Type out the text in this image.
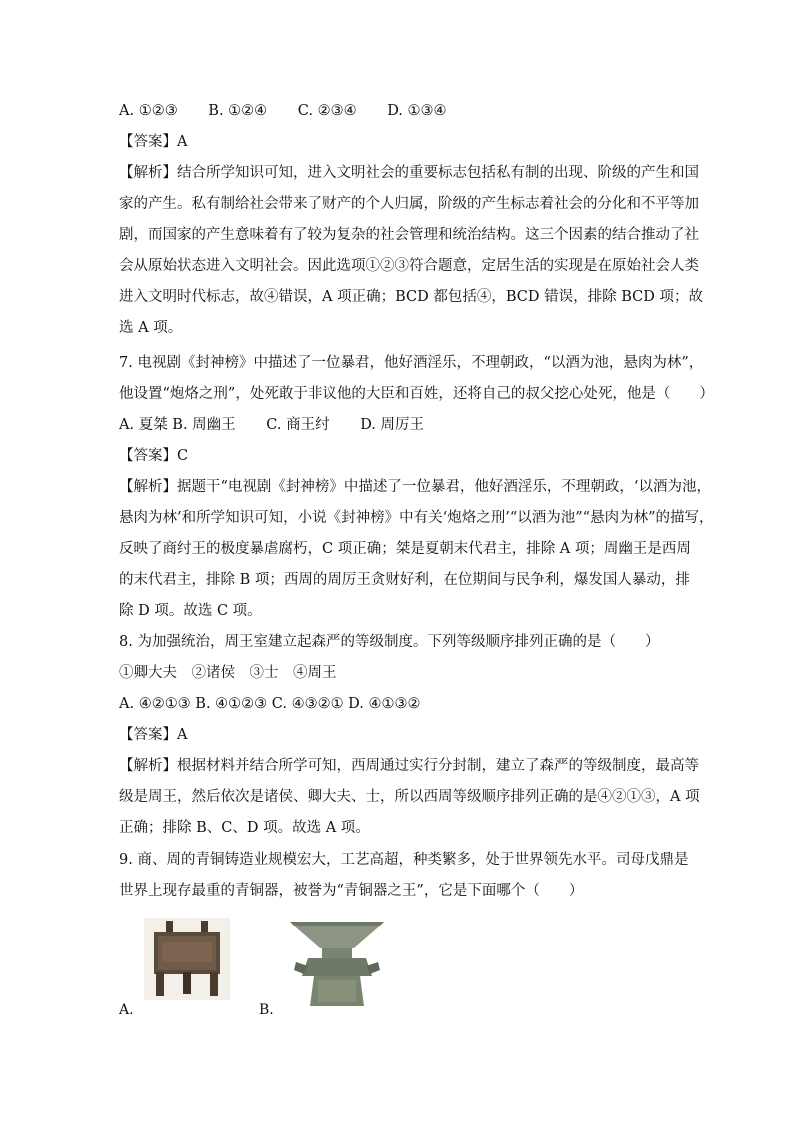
A. ①②③ B. ①②④ C. ②③④ D. ①③④
【答案】A
【解析】结合所学知识可知，进入文明社会的重要标志包括私有制的出现、阶级的产生和国
家的产生。私有制给社会带来了财产的个人归属，阶级的产生标志着社会的分化和不平等加
剧，而国家的产生意味着有了较为复杂的社会管理和统治结构。这三个因素的结合推动了社
会从原始状态进入文明社会。因此选项①②③符合题意，定居生活的实现是在原始社会人类
进入文明时代标志，故④错误，A 项正确；BCD 都包括④，BCD 错误，排除 BCD 项；故
选 A 项。
7. 电视剧《封神榜》中描述了一位暴君，他好酒淫乐，不理朝政，“以酒为池，悬肉为林”，
他设置“炮烙之刑”，处死敢于非议他的大臣和百姓，还将自己的叔父挖心处死，他是（　　）
A. 夏桀 B. 周幽王 C. 商王纣 D. 周厉王
【答案】C
【解析】据题干“电视剧《封神榜》中描述了一位暴君，他好酒淫乐，不理朝政，‘以酒为池，
悬肉为林’和所学知识可知，小说《封神榜》中有关‘炮烙之刑’“以酒为池”“悬肉为林”的描写，
反映了商纣王的极度暴虐腐朽，C 项正确；桀是夏朝末代君主，排除 A 项；周幽王是西周
的末代君主，排除 B 项；西周的周厉王贪财好利，在位期间与民争利，爆发国人暴动，排
除 D 项。故选 C 项。
8. 为加强统治，周王室建立起森严的等级制度。下列等级顺序排列正确的是（　　）
①卿大夫　②诸侯　③士　④周王
A. ④②①③ B. ④①②③ C. ④③②① D. ④①③②
【答案】A
【解析】根据材料并结合所学可知，西周通过实行分封制，建立了森严的等级制度，最高等
级是周王，然后依次是诸侯、卿大夫、士，所以西周等级顺序排列正确的是④②①③，A 项
正确；排除 B、C、D 项。故选 A 项。
9. 商、周的青铜铸造业规模宏大，工艺高超，种类繁多，处于世界领先水平。司母戊鼎是
世界上现存最重的青铜器，被誉为“青铜器之王”，它是下面哪个（　　）
A.	B.
